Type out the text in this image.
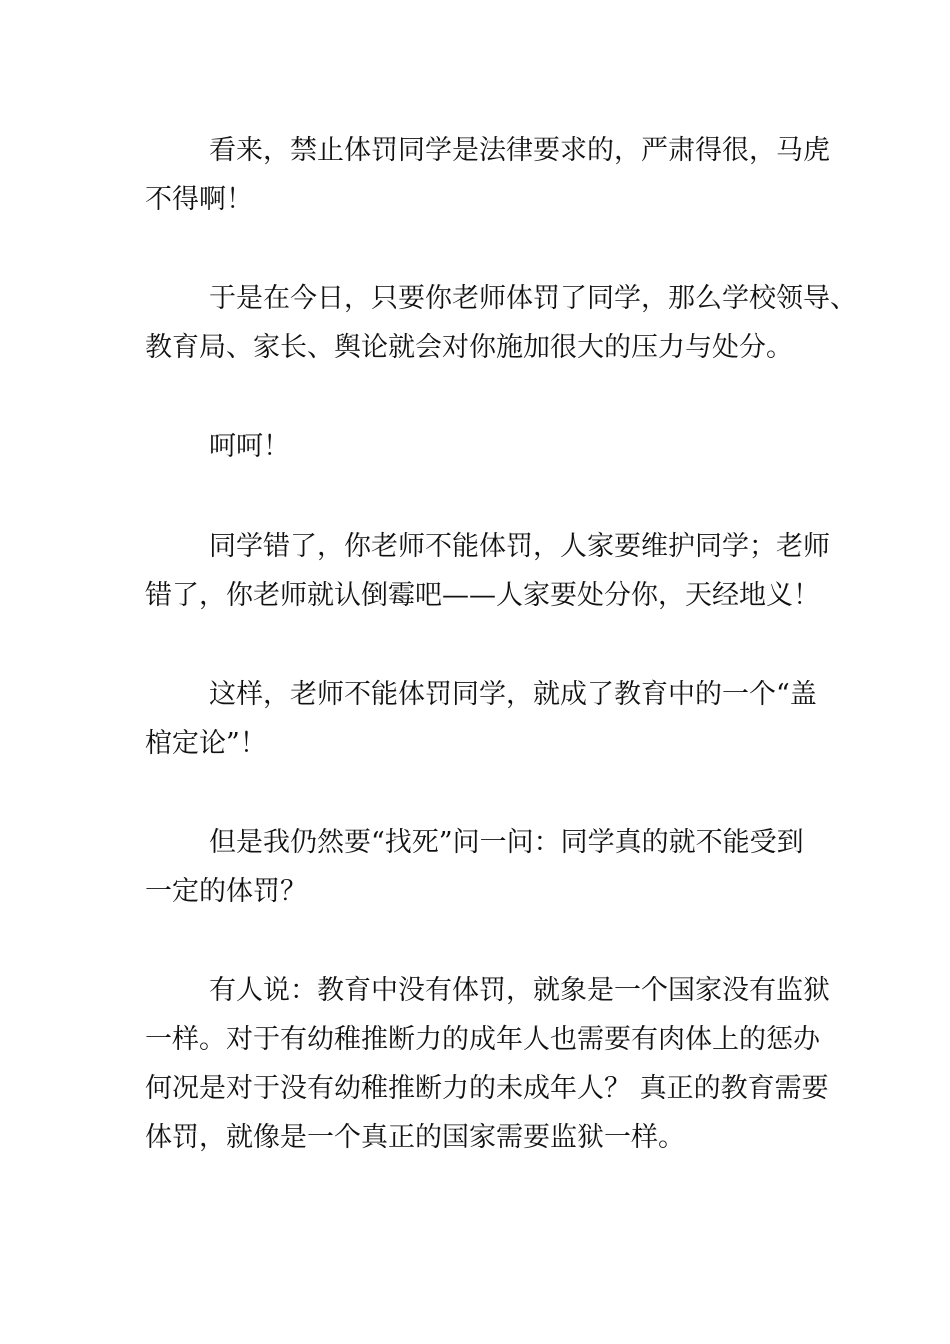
看来，禁止体罚同学是法律要求的，严肃得很，马虎
不得啊！
于是在今日，只要你老师体罚了同学，那么学校领导、
教育局、家长、舆论就会对你施加很大的压力与处分。
呵呵！
同学错了，你老师不能体罚，人家要维护同学；老师
错了，你老师就认倒霉吧——人家要处分你，天经地义！
这样，老师不能体罚同学，就成了教育中的一个“盖
棺定论”！
但是我仍然要“找死”问一问：同学真的就不能受到
一定的体罚？
有人说：教育中没有体罚，就象是一个国家没有监狱
一样。对于有幼稚推断力的成年人也需要有肉体上的惩办
何况是对于没有幼稚推断力的未成年人？ 真正的教育需要
体罚，就像是一个真正的国家需要监狱一样。
